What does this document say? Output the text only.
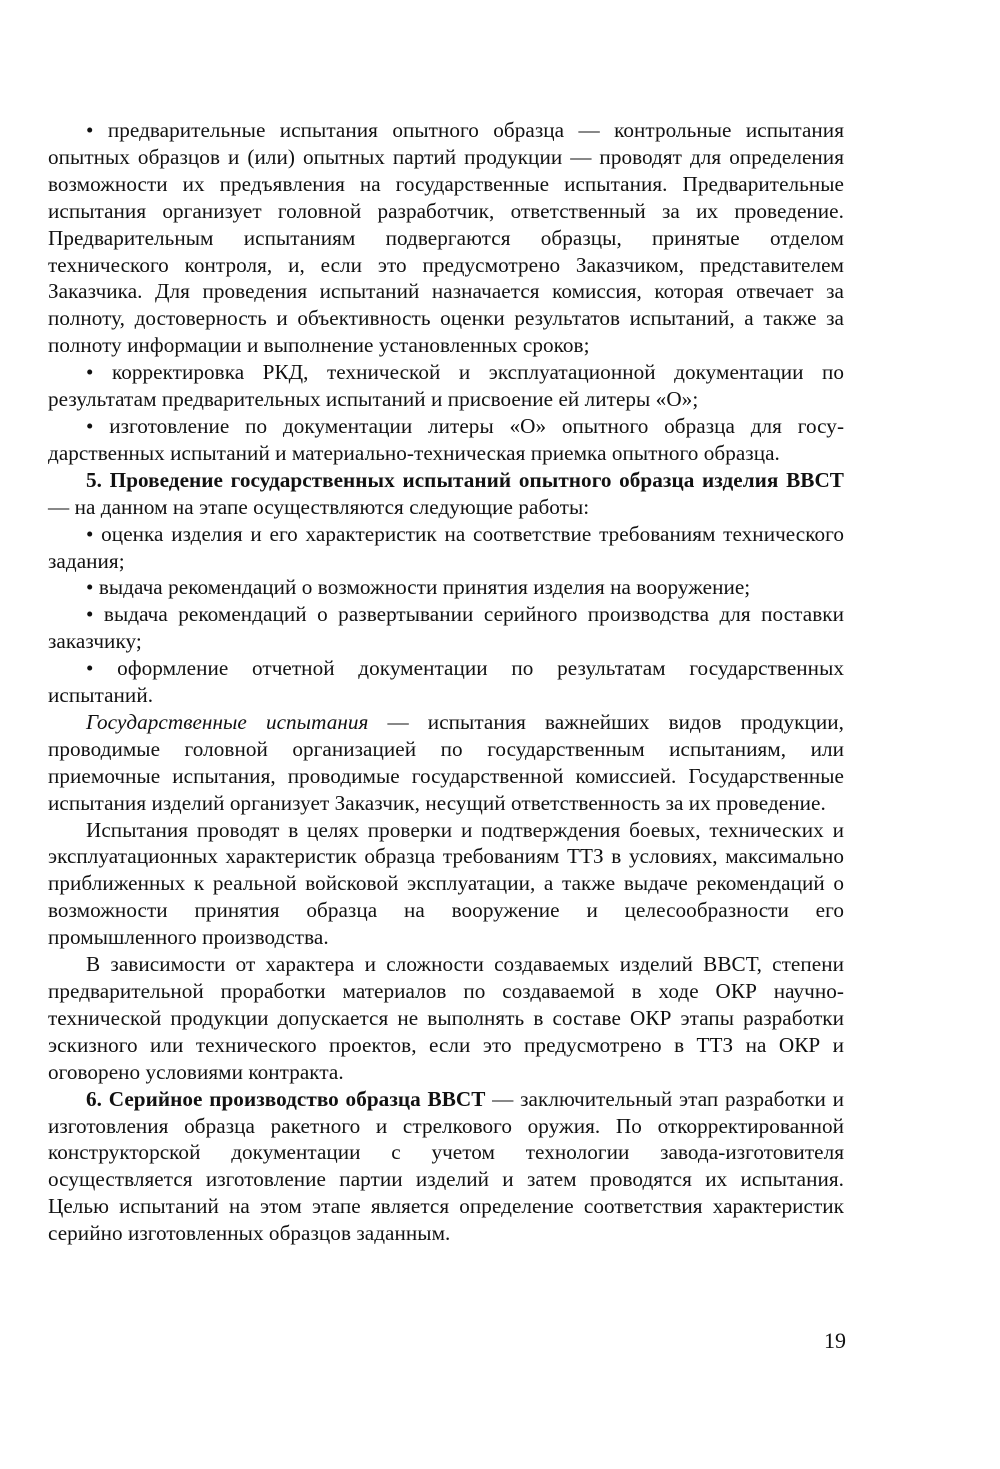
• предварительные испытания опытного образца — контрольные испытания опытных образцов и (или) опытных партий продукции — проводят для определения возможности их предъявления на государственные испытания. Предварительные испытания организует головной разработчик, ответственный за их проведение. Предварительным испытаниям подвергаются образцы, принятые отделом технического контроля, и, если это предусмотрено Заказчиком, представителем Заказчика. Для проведения испытаний назначается комиссия, которая отвечает за полноту, достоверность и объективность оценки результатов испытаний, а также за полноту информации и выполнение установленных сроков;

• корректировка РКД, технической и эксплуатационной документации по результатам предварительных испытаний и присвоение ей литеры «О»;

• изготовление по документации литеры «О» опытного образца для государственных испытаний и материально-техническая приемка опытного образца.

5. Проведение государственных испытаний опытного образца изделия ВВСТ — на данном на этапе осуществляются следующие работы:

• оценка изделия и его характеристик на соответствие требованиям технического задания;

• выдача рекомендаций о возможности принятия изделия на вооружение;

• выдача рекомендаций о развертывании серийного производства для поставки заказчику;

• оформление отчетной документации по результатам государственных испытаний.

Государственные испытания — испытания важнейших видов продукции, проводимые головной организацией по государственным испытаниям, или приемочные испытания, проводимые государственной комиссией. Государственные испытания изделий организует Заказчик, несущий ответственность за их проведение.

Испытания проводят в целях проверки и подтверждения боевых, технических и эксплуатационных характеристик образца требованиям ТТЗ в условиях, максимально приближенных к реальной войсковой эксплуатации, а также выдаче рекомендаций о возможности принятия образца на вооружение и целесообразности его промышленного производства.

В зависимости от характера и сложности создаваемых изделий ВВСТ, степени предварительной проработки материалов по создаваемой в ходе ОКР научно-технической продукции допускается не выполнять в составе ОКР этапы разработки эскизного или технического проектов, если это предусмотрено в ТТЗ на ОКР и оговорено условиями контракта.

6. Серийное производство образца ВВСТ — заключительный этап разработки и изготовления образца ракетного и стрелкового оружия. По откорректированной конструкторской документации с учетом технологии завода-изготовителя осуществляется изготовление партии изделий и затем проводятся их испытания. Целью испытаний на этом этапе является определение соответствия характеристик серийно изготовленных образцов заданным.

19
